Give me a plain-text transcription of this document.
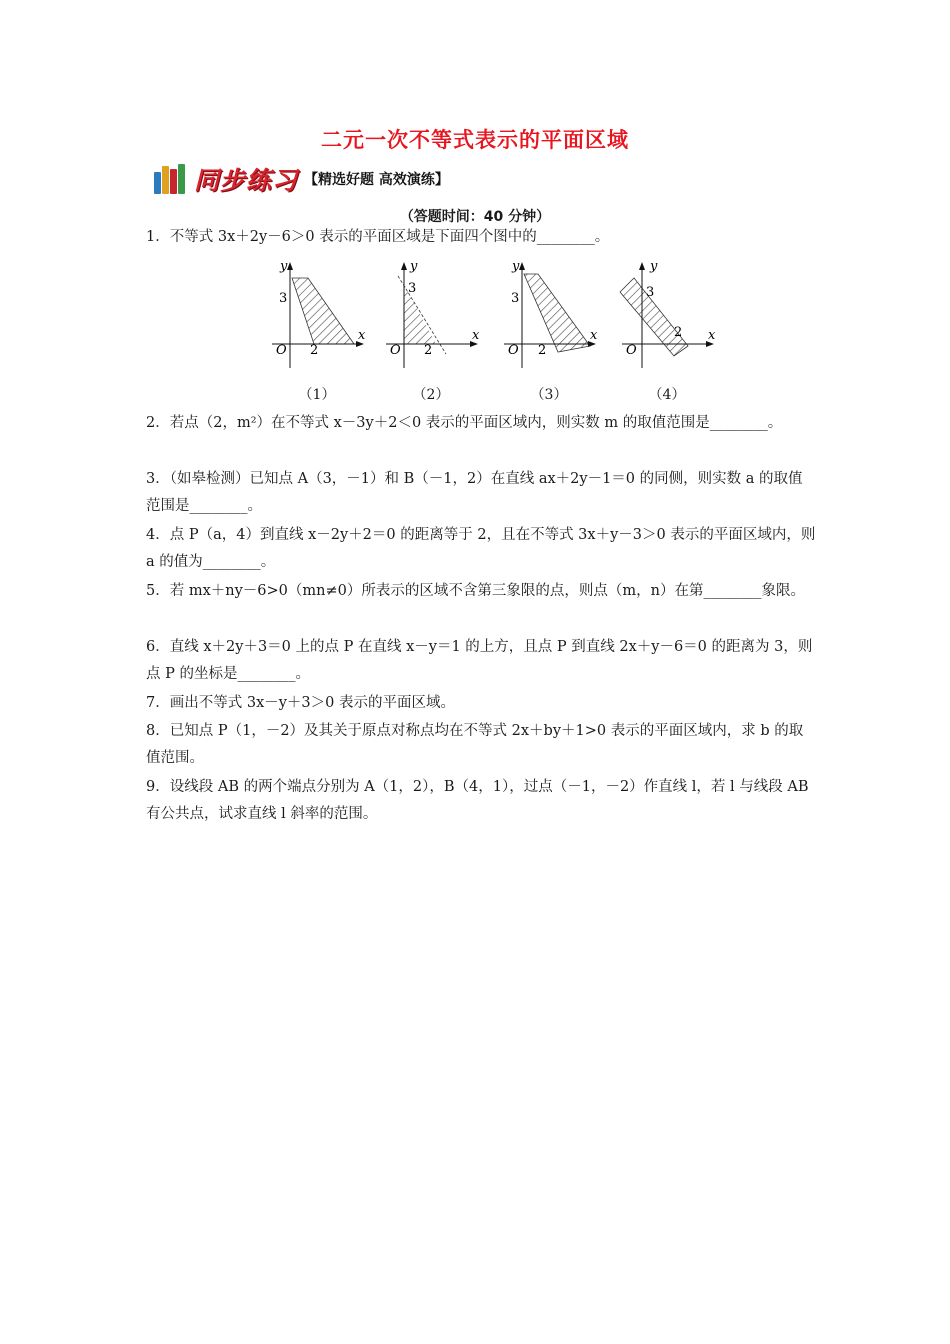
二元一次不等式表示的平面区域
同步练习 【精选好题 高效演练】
（答题时间：40 分钟）
1．不等式 3x＋2y－6＞0 表示的平面区域是下面四个图中的________。
y
x
O
3
2
（1）
y
x
O
3
2
（2）
y
x
O
3
2
（3）
y
x
O
3
2
（4）
2．若点（2，m²）在不等式 x－3y＋2＜0 表示的平面区域内，则实数 m 的取值范围是________。
3．（如皋检测）已知点 A（3，－1）和 B（－1，2）在直线 ax＋2y－1＝0 的同侧，则实数 a 的取值范围是________。
4．点 P（a，4）到直线 x－2y＋2＝0 的距离等于 2，且在不等式 3x＋y－3＞0 表示的平面区域内，则 a 的值为________。
5．若 mx＋ny－6>0（mn≠0）所表示的区域不含第三象限的点，则点（m，n）在第________象限。
6．直线 x＋2y＋3＝0 上的点 P 在直线 x－y＝1 的上方，且点 P 到直线 2x＋y－6＝0 的距离为 3，则点 P 的坐标是________。
7．画出不等式 3x－y＋3＞0 表示的平面区域。
8．已知点 P（1，－2）及其关于原点对称点均在不等式 2x＋by＋1>0 表示的平面区域内，求 b 的取值范围。
9．设线段 AB 的两个端点分别为 A（1，2），B（4，1），过点（－1，－2）作直线 l，若 l 与线段 AB 有公共点，试求直线 l 斜率的范围。
